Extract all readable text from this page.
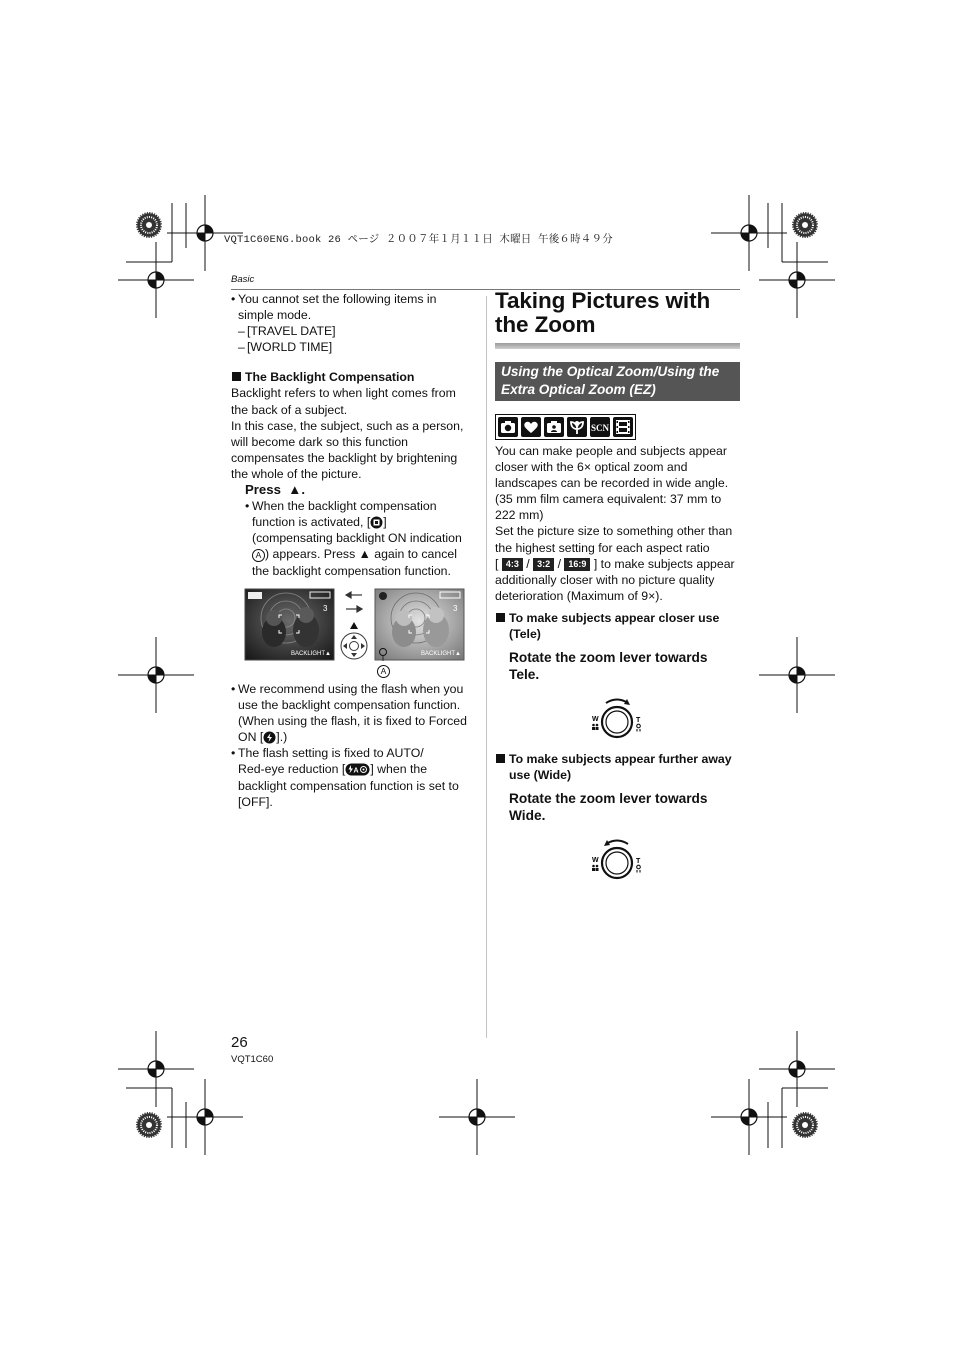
VQT1C60ENG.book 26 ページ ２００７年１月１１日 木曜日 午後６時４９分
Basic
• You cannot set the following items in
simple mode.
– [TRAVEL DATE]
– [WORLD TIME]
The Backlight Compensation
Backlight refers to when light comes from
the back of a subject.
In this case, the subject, such as a person,
will become dark so this function
compensates the backlight by brightening
the whole of the picture.
Press ▲.
• When the backlight compensation
function is activated, [ ]
(compensating backlight ON indication
A ) appears. Press ▲ again to cancel
the backlight compensation function.
3
BACKLIGHT▲
3
BACKLIGHT▲
A
• We recommend using the flash when you
use the backlight compensation function.
(When using the flash, it is fixed to Forced
ON [ ].)
• The flash setting is fixed to AUTO/
Red-eye reduction [ A ] when the
backlight compensation function is set to
[OFF].
Taking Pictures with
the Zoom
Using the Optical Zoom/Using the
Extra Optical Zoom (EZ)
SCN
You can make people and subjects appear
closer with the 6× optical zoom and
landscapes can be recorded in wide angle.
(35 mm film camera equivalent: 37 mm to
222 mm)
Set the picture size to something other than
the highest setting for each aspect ratio
[ 4:3 / 3:2 / 16:9 ] to make subjects appear
additionally closer with no picture quality
deterioration (Maximum of 9×).
To make subjects appear closer use
(Tele)
Rotate the zoom lever towards
Tele.
W	T
To make subjects appear further away
use (Wide)
Rotate the zoom lever towards
Wide.
W	T
26
VQT1C60
